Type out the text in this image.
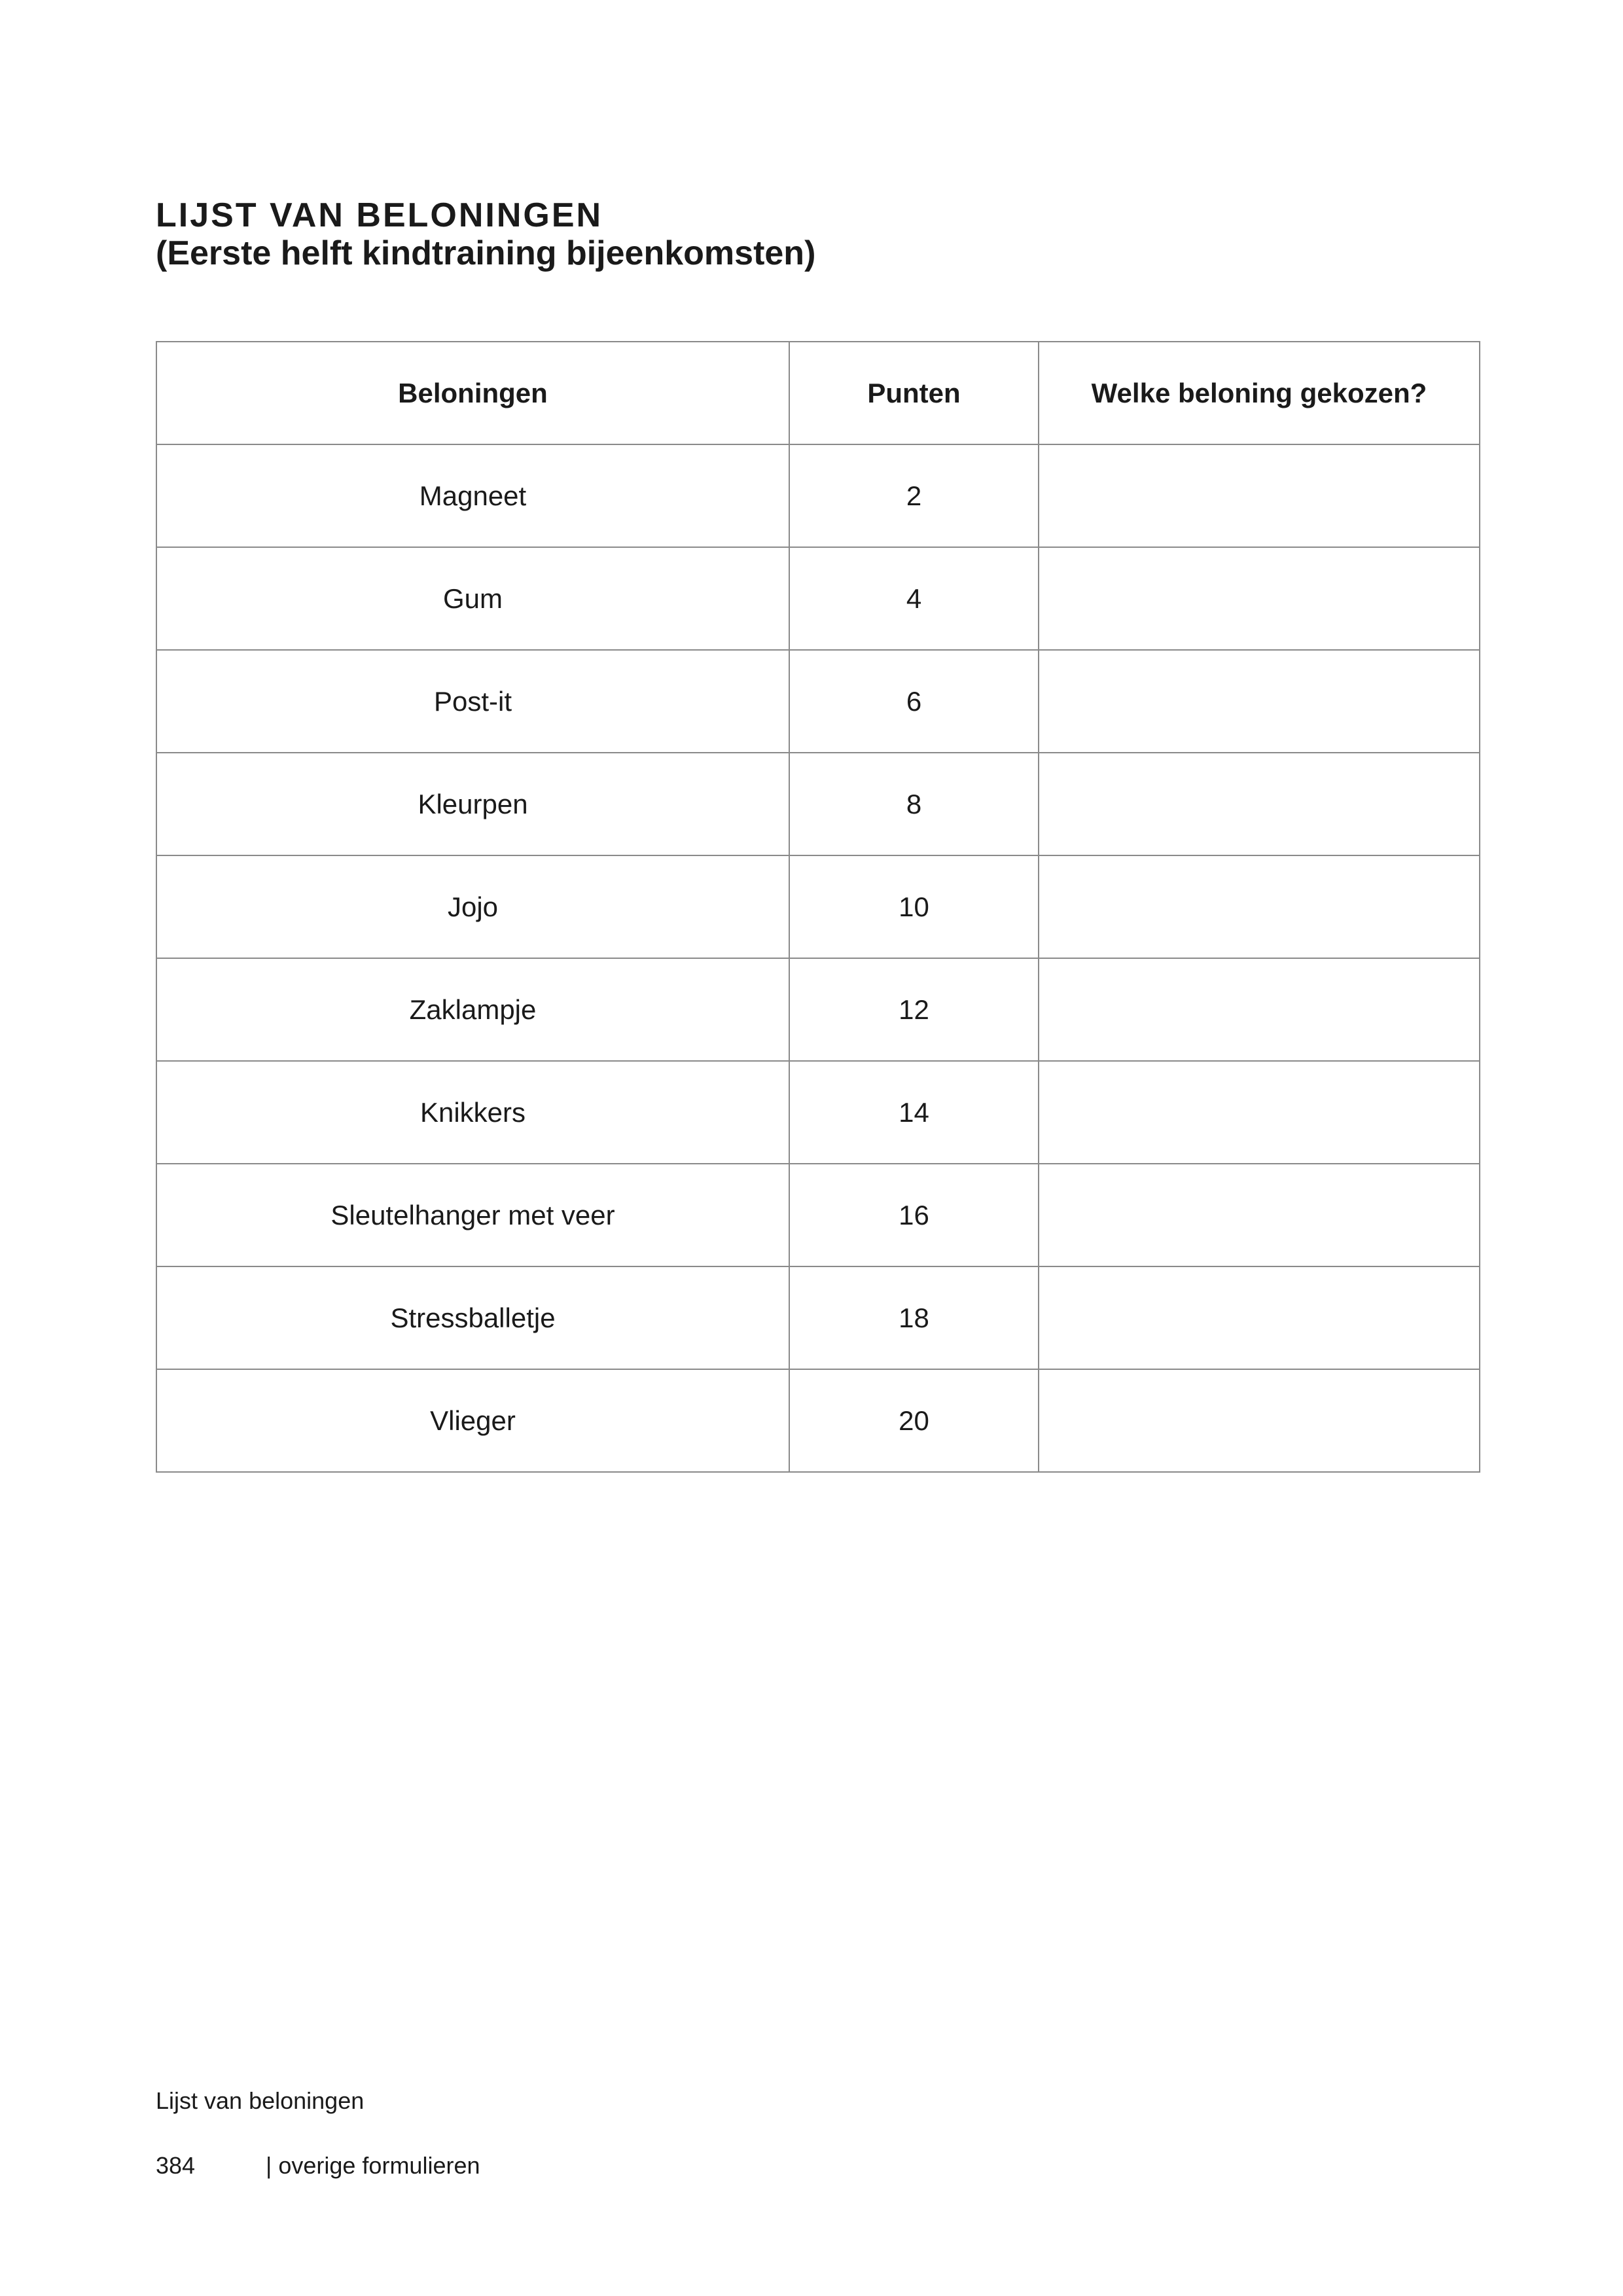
LIJST VAN BELONINGEN
(Eerste helft kindtraining bijeenkomsten)
Beloningen	Punten	Welke beloning gekozen?
Magneet	2	
Gum	4	
Post-it	6	
Kleurpen	8	
Jojo	10	
Zaklampje	12	
Knikkers	14	
Sleutelhanger met veer	16	
Stressballetje	18	
Vlieger	20	
Lijst van beloningen
384	| overige formulieren
